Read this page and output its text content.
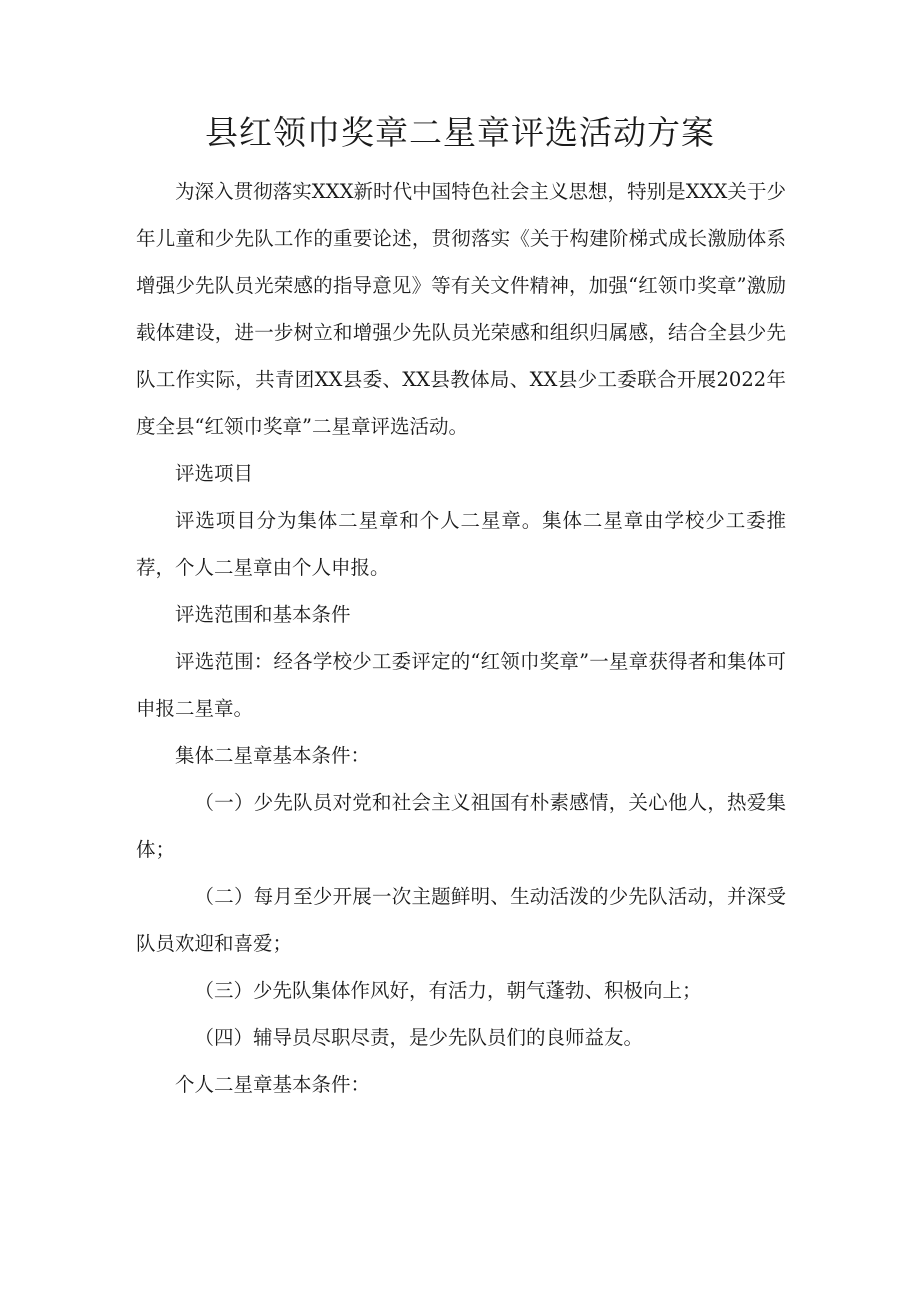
县红领巾奖章二星章评选活动方案

为深入贯彻落实XXX新时代中国特色社会主义思想，特别是XXX关于少年儿童和少先队工作的重要论述，贯彻落实《关于构建阶梯式成长激励体系增强少先队员光荣感的指导意见》等有关文件精神，加强“红领巾奖章”激励载体建设，进一步树立和增强少先队员光荣感和组织归属感，结合全县少先队工作实际，共青团XX县委、XX县教体局、XX县少工委联合开展2022年度全县“红领巾奖章”二星章评选活动。

评选项目

评选项目分为集体二星章和个人二星章。集体二星章由学校少工委推荐，个人二星章由个人申报。

评选范围和基本条件

评选范围：经各学校少工委评定的“红领巾奖章”一星章获得者和集体可申报二星章。

集体二星章基本条件：

（一）少先队员对党和社会主义祖国有朴素感情，关心他人，热爱集体；

（二）每月至少开展一次主题鲜明、生动活泼的少先队活动，并深受队员欢迎和喜爱；

（三）少先队集体作风好，有活力，朝气蓬勃、积极向上；

（四）辅导员尽职尽责，是少先队员们的良师益友。

个人二星章基本条件：
